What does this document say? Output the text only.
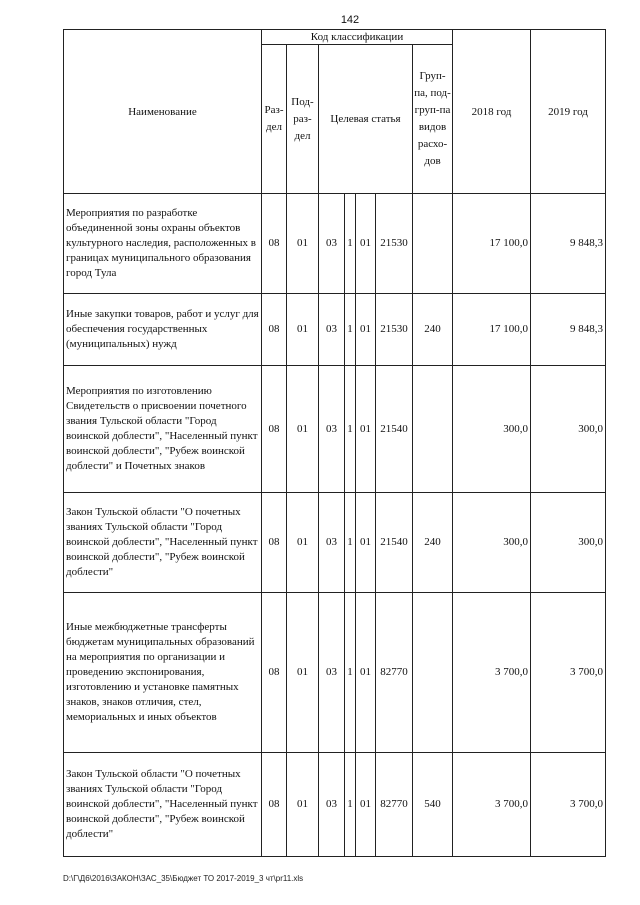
142
Наименование	Код классификации							2018 год	2019 год
	Раз-дел	Под-раз-дел	Целевая статья				Груп-па, под-груп-па видов расхо-дов		
Мероприятия по разработке объединенной зоны охраны объектов культурного наследия, расположенных в границах муниципального образования город Тула	08	01	03	1	01	21530		17 100,0	9 848,3
Иные закупки товаров, работ и услуг для обеспечения государственных (муниципальных) нужд	08	01	03	1	01	21530	240	17 100,0	9 848,3
Мероприятия по изготовлению Свидетельств о присвоении почетного звания Тульской области "Город воинской доблести", "Населенный пункт воинской доблести", "Рубеж воинской доблести" и Почетных знаков	08	01	03	1	01	21540		300,0	300,0
Закон Тульской области "О почетных званиях Тульской области "Город воинской доблести", "Населенный пункт воинской доблести", "Рубеж воинской доблести"	08	01	03	1	01	21540	240	300,0	300,0
Иные межбюджетные трансферты бюджетам муниципальных образований на мероприятия по организации и проведению экспонирования, изготовлению и установке памятных знаков, знаков отличия, стел, мемориальных и иных объектов	08	01	03	1	01	82770		3 700,0	3 700,0
Закон Тульской области "О почетных званиях Тульской области "Город воинской доблести", "Населенный пункт воинской доблести", "Рубеж воинской доблести"	08	01	03	1	01	82770	540	3 700,0	3 700,0
D:\Г\Д6\2016\ЗАКОН\ЗАС_35\Бюджет ТО 2017-2019_3 чт\pr11.xls
